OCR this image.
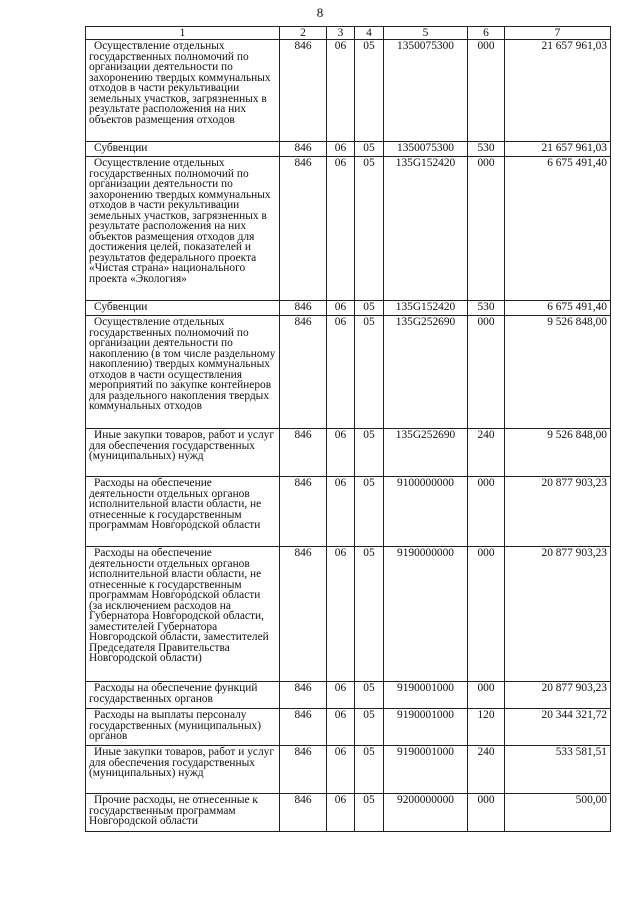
8
1	2	3	4	5	6	7
Осуществление отдельных государственных полномочий по организации деятельности по захоронению твердых коммунальных отходов в части рекультивации земельных участков, загрязненных в результате расположения на них объектов размещения отходов	846	06	05	1350075300	000	21 657 961,03
Субвенции	846	06	05	1350075300	530	21 657 961,03
Осуществление отдельных государственных полномочий по организации деятельности по захоронению твердых коммунальных отходов в части рекультивации земельных участков, загрязненных в результате расположения на них объектов размещения отходов для достижения целей, показателей и результатов федерального проекта «Чистая страна» национального проекта «Экология»	846	06	05	135G152420	000	6 675 491,40
Субвенции	846	06	05	135G152420	530	6 675 491,40
Осуществление отдельных государственных полномочий по организации деятельности по накоплению (в том числе раздельному накоплению) твердых коммунальных отходов в части осуществления мероприятий по закупке контейнеров для раздельного накопления твердых коммунальных отходов	846	06	05	135G252690	000	9 526 848,00
Иные закупки товаров, работ и услуг для обеспечения государственных (муниципальных) нужд	846	06	05	135G252690	240	9 526 848,00
Расходы на обеспечение деятельности отдельных органов исполнительной власти области, не отнесенные к государственным программам Новгородской области	846	06	05	9100000000	000	20 877 903,23
Расходы на обеспечение деятельности отдельных органов исполнительной власти области, не отнесенные к государственным программам Новгородской области (за исключением расходов на Губернатора Новгородской области, заместителей Губернатора Новгородской области, заместителей Председателя Правительства Новгородской области)	846	06	05	9190000000	000	20 877 903,23
Расходы на обеспечение функций государственных органов	846	06	05	9190001000	000	20 877 903,23
Расходы на выплаты персоналу государственных (муниципальных) органов	846	06	05	9190001000	120	20 344 321,72
Иные закупки товаров, работ и услуг для обеспечения государственных (муниципальных) нужд	846	06	05	9190001000	240	533 581,51
Прочие расходы, не отнесенные к государственным программам Новгородской области	846	06	05	9200000000	000	500,00
